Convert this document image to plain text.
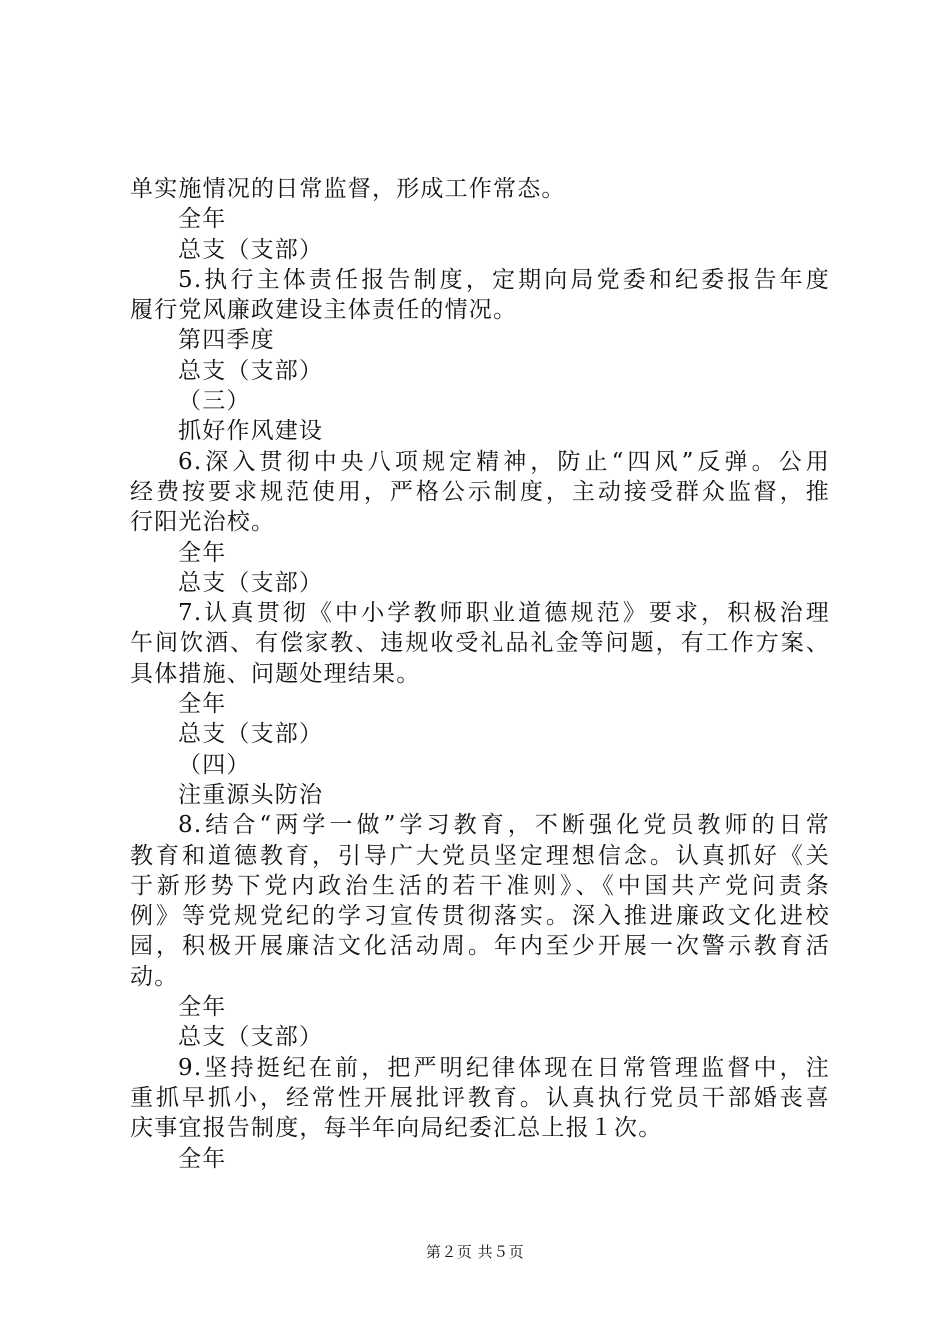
单实施情况的日常监督，形成工作常态。
全年
总支（支部）
5.执行主体责任报告制度，定期向局党委和纪委报告年度
履行党风廉政建设主体责任的情况。
第四季度
总支（支部）
（三）
抓好作风建设
6.深入贯彻中央八项规定精神，防止“四风”反弹。公用
经费按要求规范使用，严格公示制度，主动接受群众监督，推
行阳光治校。
全年
总支（支部）
7.认真贯彻《中小学教师职业道德规范》要求，积极治理
午间饮酒、有偿家教、违规收受礼品礼金等问题，有工作方案、
具体措施、问题处理结果。
全年
总支（支部）
（四）
注重源头防治
8.结合“两学一做”学习教育，不断强化党员教师的日常
教育和道德教育，引导广大党员坚定理想信念。认真抓好《关
于新形势下党内政治生活的若干准则》、《中国共产党问责条
例》等党规党纪的学习宣传贯彻落实。深入推进廉政文化进校
园，积极开展廉洁文化活动周。年内至少开展一次警示教育活
动。
全年
总支（支部）
9.坚持挺纪在前，把严明纪律体现在日常管理监督中，注
重抓早抓小，经常性开展批评教育。认真执行党员干部婚丧喜
庆事宜报告制度，每半年向局纪委汇总上报１次。
全年
第２页 共５页
